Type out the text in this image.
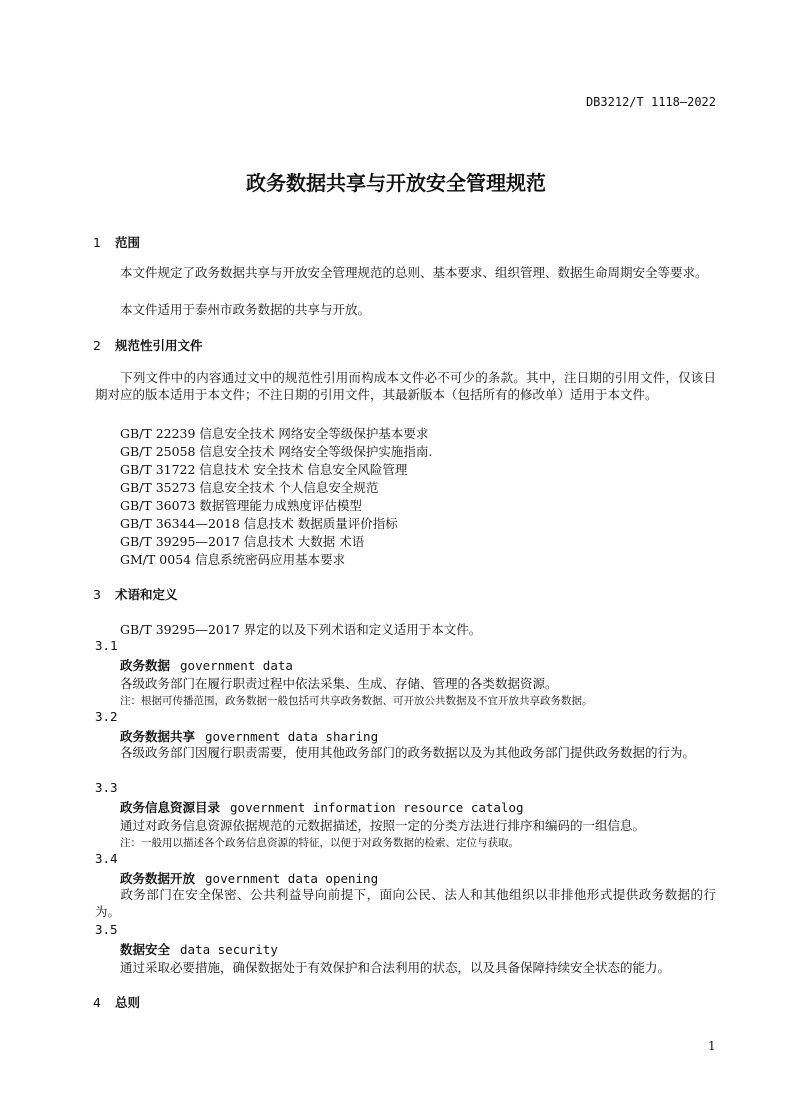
DB3212/T 1118—2022
政务数据共享与开放安全管理规范
1 范围
本文件规定了政务数据共享与开放安全管理规范的总则、基本要求、组织管理、数据生命周期安全等要求。
本文件适用于泰州市政务数据的共享与开放。
2 规范性引用文件
下列文件中的内容通过文中的规范性引用而构成本文件必不可少的条款。其中，注日期的引用文件，仅该日期对应的版本适用于本文件；不注日期的引用文件，其最新版本（包括所有的修改单）适用于本文件。
GB/T 22239 信息安全技术 网络安全等级保护基本要求
GB/T 25058 信息安全技术 网络安全等级保护实施指南.
GB/T 31722 信息技术 安全技术 信息安全风险管理
GB/T 35273 信息安全技术 个人信息安全规范
GB/T 36073 数据管理能力成熟度评估模型
GB/T 36344—2018 信息技术 数据质量评价指标
GB/T 39295—2017 信息技术 大数据 术语
GM/T 0054 信息系统密码应用基本要求
3 术语和定义
GB/T 39295—2017 界定的以及下列术语和定义适用于本文件。
3.1
政务数据 government data
各级政务部门在履行职责过程中依法采集、生成、存储、管理的各类数据资源。
注：根据可传播范围，政务数据一般包括可共享政务数据、可开放公共数据及不宜开放共享政务数据。
3.2
政务数据共享 government data sharing
各级政务部门因履行职责需要，使用其他政务部门的政务数据以及为其他政务部门提供政务数据的行为。
3.3
政务信息资源目录 government information resource catalog
通过对政务信息资源依据规范的元数据描述，按照一定的分类方法进行排序和编码的一组信息。
注：一般用以描述各个政务信息资源的特征，以便于对政务数据的检索、定位与获取。
3.4
政务数据开放 government data opening
政务部门在安全保密、公共利益导向前提下，面向公民、法人和其他组织以非排他形式提供政务数据的行为。
3.5
数据安全 data security
通过采取必要措施，确保数据处于有效保护和合法利用的状态，以及具备保障持续安全状态的能力。
4 总则
1
